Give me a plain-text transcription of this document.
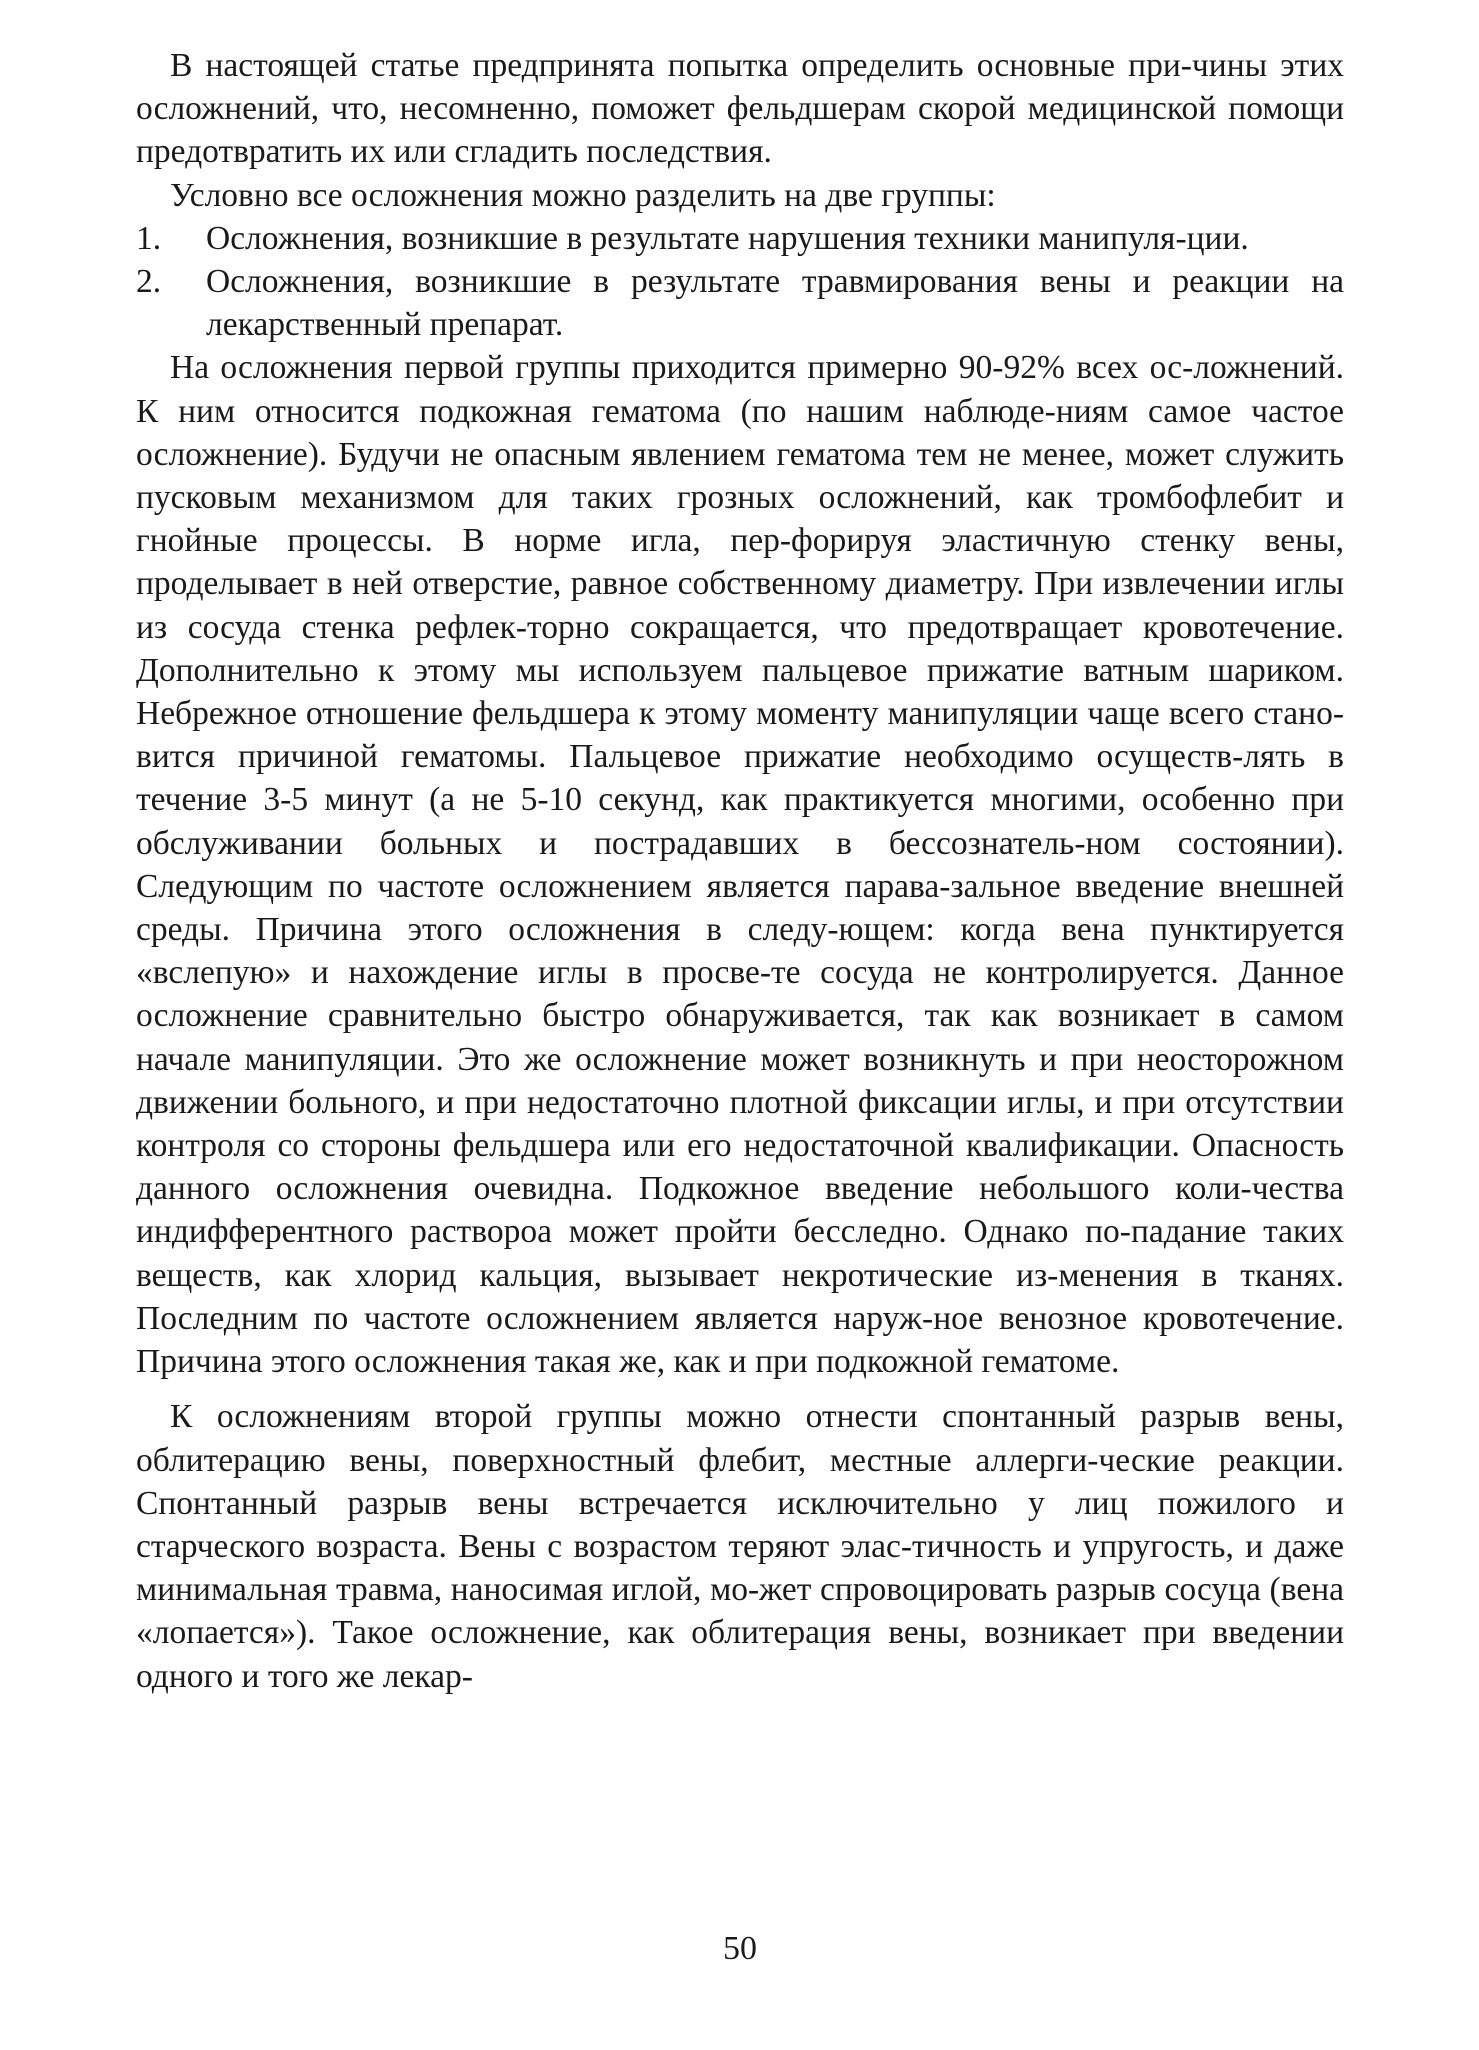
В настоящей статье предпринята попытка определить основные при-чины этих осложнений, что, несомненно, поможет фельдшерам скорой медицинской помощи предотвратить их или сгладить последствия.

Условно все осложнения можно разделить на две группы:

1. Осложнения, возникшие в результате нарушения техники манипуля-ции.
2. Осложнения, возникшие в результате травмирования вены и реакции на лекарственный препарат.

На осложнения первой группы приходится примерно 90-92% всех ос-ложнений. К ним относится подкожная гематома (по нашим наблюде-ниям самое частое осложнение). Будучи не опасным явлением гематома тем не менее, может служить пусковым механизмом для таких грозных осложнений, как тромбофлебит и гнойные процессы. В норме игла, пер-форируя эластичную стенку вены, проделывает в ней отверстие, равное собственному диаметру. При извлечении иглы из сосуда стенка рефлек-торно сокращается, что предотвращает кровотечение. Дополнительно к этому мы используем пальцевое прижатие ватным шариком. Небрежное отношение фельдшера к этому моменту манипуляции чаще всего стано-вится причиной гематомы. Пальцевое прижатие необходимо осуществ-лять в течение 3-5 минут (а не 5-10 секунд, как практикуется многими, особенно при обслуживании больных и пострадавших в бессознатель-ном состоянии). Следующим по частоте осложнением является парава-зальное введение внешней среды. Причина этого осложнения в следу-ющем: когда вена пунктируется «вслепую» и нахождение иглы в просве-те сосуда не контролируется. Данное осложнение сравнительно быстро обнаруживается, так как возникает в самом начале манипуляции. Это же осложнение может возникнуть и при неосторожном движении больного, и при недостаточно плотной фиксации иглы, и при отсутствии контроля со стороны фельдшера или его недостаточной квалификации. Опасность данного осложнения очевидна. Подкожное введение небольшого коли-чества индифферентного раствороа может пройти бесследно. Однако по-падание таких веществ, как хлорид кальция, вызывает некротические из-менения в тканях. Последним по частоте осложнением является наруж-ное венозное кровотечение. Причина этого осложнения такая же, как и при подкожной гематоме.

К осложнениям второй группы можно отнести спонтанный разрыв вены, облитерацию вены, поверхностный флебит, местные аллерги-ческие реакции. Спонтанный разрыв вены встречается исключительно у лиц пожилого и старческого возраста. Вены с возрастом теряют элас-тичность и упругость, и даже минимальная травма, наносимая иглой, мо-жет спровоцировать разрыв сосуца (вена «лопается»). Такое осложнение, как облитерация вены, возникает при введении одного и того же лекар-

50
